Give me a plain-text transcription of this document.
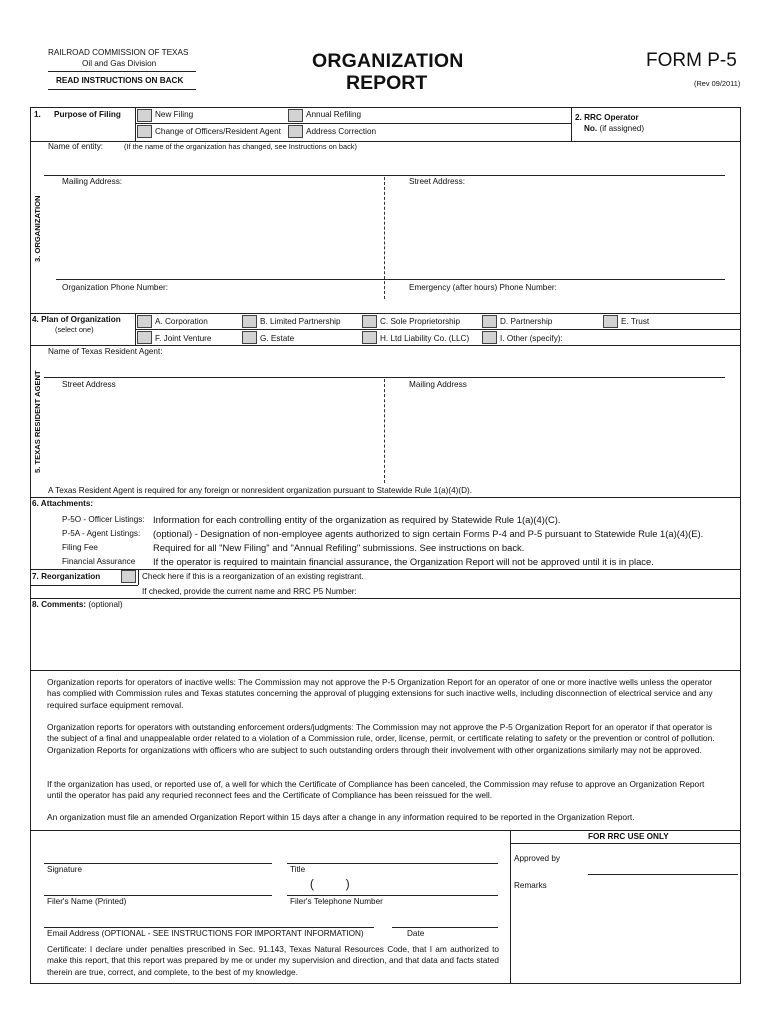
RAILROAD COMMISSION OF TEXAS
Oil and Gas Division
READ INSTRUCTIONS ON BACK
ORGANIZATION
REPORT
FORM P-5
(Rev 09/2011)
1. Purpose of Filing	New Filing	Annual Refiling
Change of Officers/Resident Agent	Address Correction
2. RRC Operator
No. (if assigned)
Name of entity:	(If the name of the organization has changed, see Instructions on back)
3. ORGANIZATION
Mailing Address:	Street Address:
Organization Phone Number:	Emergency (after hours) Phone Number:
4. Plan of Organization
(select one)
A. Corporation	B. Limited Partnership	C. Sole Proprietorship	D. Partnership	E. Trust
F. Joint Venture	G. Estate	H. Ltd Liability Co. (LLC)	I. Other (specify):
Name of Texas Resident Agent:
5. TEXAS RESIDENT AGENT Street Address	Mailing Address
A Texas Resident Agent is required for any foreign or nonresident organization pursuant to Statewide Rule 1(a)(4)(D).
6. Attachments:
P-5O - Officer Listings: Information for each controlling entity of the organization as required by Statewide Rule 1(a)(4)(C).
P-5A - Agent Listings: (optional) - Designation of non-employee agents authorized to sign certain Forms P-4 and P-5 pursuant to Statewide Rule 1(a)(4)(E).
Filing Fee	Required for all "New Filing" and "Annual Refiling" submissions. See instructions on back.
Financial Assurance If the operator is required to maintain financial assurance, the Organization Report will not be approved until it is in place.
7. Reorganization	Check here if this is a reorganization of an existing registrant.
If checked, provide the current name and RRC P5 Number:
8. Comments: (optional)
Organization reports for operators of inactive wells: The Commission may not approve the P-5 Organization Report for an operator of one or more inactive wells unless the operator has complied with Commission rules and Texas statutes concerning the approval of plugging extensions for such inactive wells, including disconnection of electrical service and any required surface equipment removal.
Organization reports for operators with outstanding enforcement orders/judgments: The Commission may not approve the P-5 Organization Report for an operator if that operator is the subject of a final and unappealable order related to a violation of a Commission rule, order, license, permit, or certificate relating to safety or the prevention or control of pollution. Organization Reports for organizations with officers who are subject to such outstanding orders through their involvement with other organizations similarly may not be approved.
If the organization has used, or reported use of, a well for which the Certificate of Compliance has been canceled, the Commission may refuse to approve an Organization Report until the operator has paid any requried reconnect fees and the Certificate of Compliance has been reissued for the well.
An organization must file an amended Organization Report within 15 days after a change in any information required to be reported in the Organization Report.
FOR RRC USE ONLY
Signature	Title
Approved by
Remarks
(          )
Filer's Name (Printed)	Filer's Telephone Number
Email Address (OPTIONAL - SEE INSTRUCTIONS FOR IMPORTANT INFORMATION)	Date
Certificate: I declare under penalties prescribed in Sec. 91.143, Texas Natural Resources Code, that I am authorized to make this report, that this report was prepared by me or under my supervision and direction, and that data and facts stated therein are true, correct, and complete, to the best of my knowledge.
